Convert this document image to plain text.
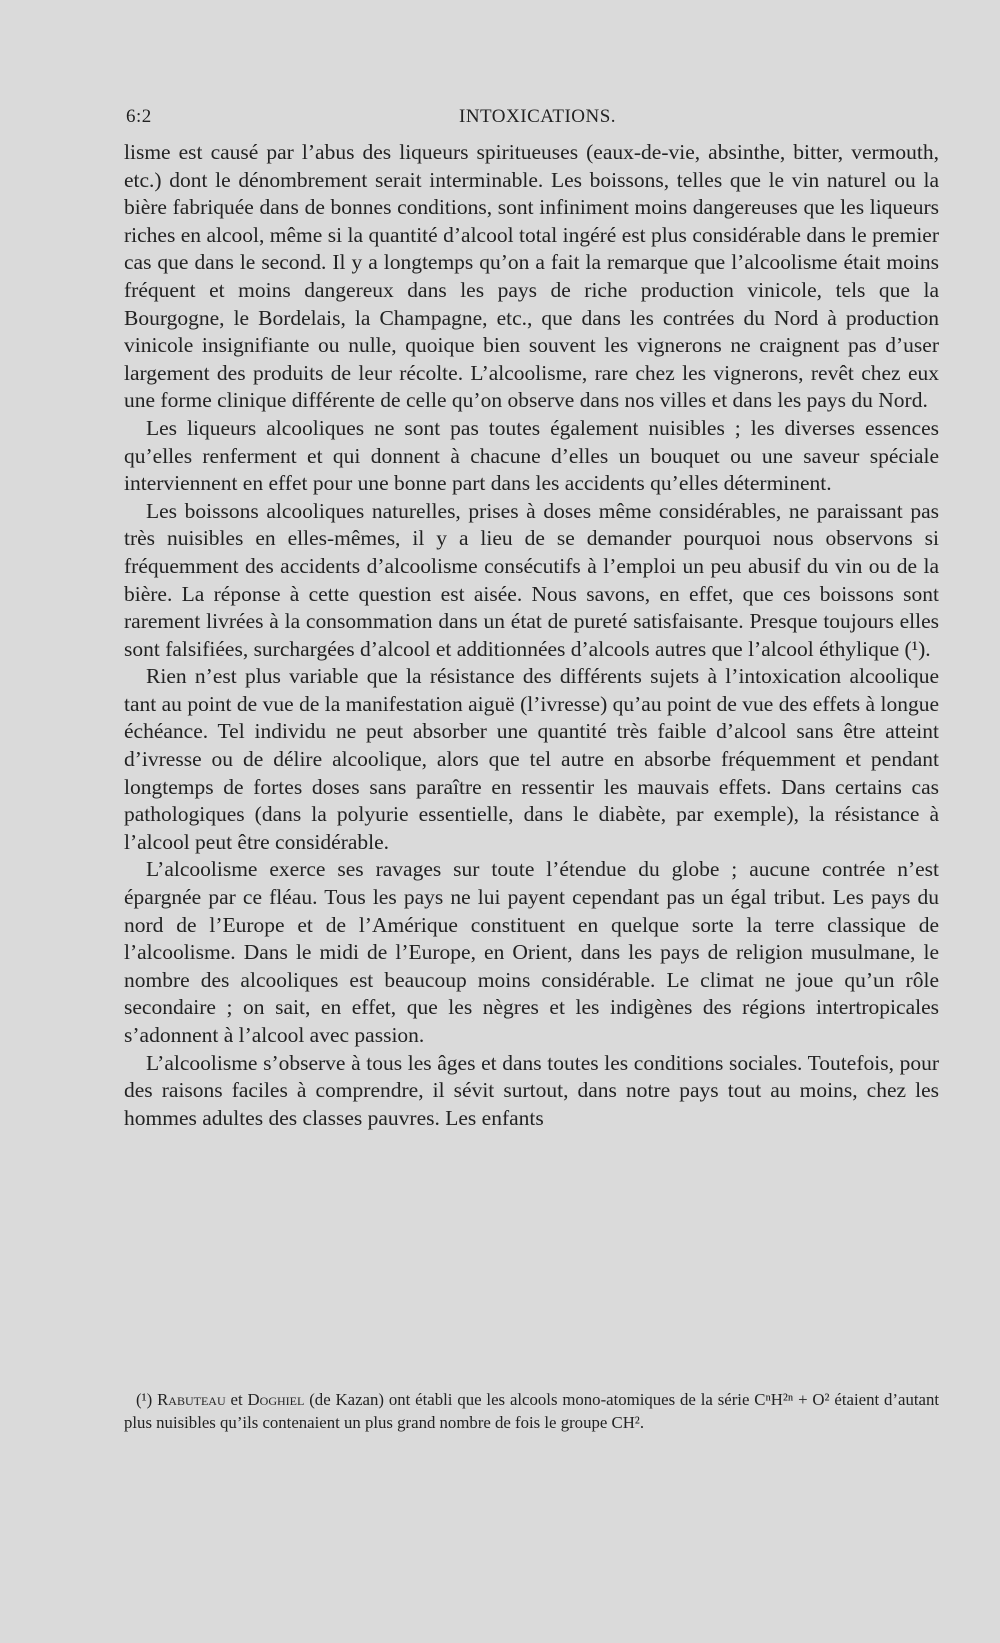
6:2	INTOXICATIONS.

lisme est causé par l’abus des liqueurs spiritueuses (eaux-de-vie, absinthe, bitter, vermouth, etc.) dont le dénombrement serait interminable. Les boissons, telles que le vin naturel ou la bière fabriquée dans de bonnes conditions, sont infiniment moins dangereuses que les liqueurs riches en alcool, même si la quantité d’alcool total ingéré est plus considérable dans le premier cas que dans le second. Il y a longtemps qu’on a fait la remarque que l’alcoolisme était moins fréquent et moins dangereux dans les pays de riche production vinicole, tels que la Bourgogne, le Bordelais, la Champagne, etc., que dans les contrées du Nord à production vinicole insignifiante ou nulle, quoique bien souvent les vignerons ne craignent pas d’user largement des produits de leur récolte. L’alcoolisme, rare chez les vignerons, revêt chez eux une forme clinique différente de celle qu’on observe dans nos villes et dans les pays du Nord.

Les liqueurs alcooliques ne sont pas toutes également nuisibles ; les diverses essences qu’elles renferment et qui donnent à chacune d’elles un bouquet ou une saveur spéciale interviennent en effet pour une bonne part dans les accidents qu’elles déterminent.

Les boissons alcooliques naturelles, prises à doses même considérables, ne paraissant pas très nuisibles en elles-mêmes, il y a lieu de se demander pourquoi nous observons si fréquemment des accidents d’alcoolisme consécutifs à l’emploi un peu abusif du vin ou de la bière. La réponse à cette question est aisée. Nous savons, en effet, que ces boissons sont rarement livrées à la consommation dans un état de pureté satisfaisante. Presque toujours elles sont falsifiées, surchargées d’alcool et additionnées d’alcools autres que l’alcool éthylique (¹).

Rien n’est plus variable que la résistance des différents sujets à l’intoxication alcoolique tant au point de vue de la manifestation aiguë (l’ivresse) qu’au point de vue des effets à longue échéance. Tel individu ne peut absorber une quantité très faible d’alcool sans être atteint d’ivresse ou de délire alcoolique, alors que tel autre en absorbe fréquemment et pendant longtemps de fortes doses sans paraître en ressentir les mauvais effets. Dans certains cas pathologiques (dans la polyurie essentielle, dans le diabète, par exemple), la résistance à l’alcool peut être considérable.

L’alcoolisme exerce ses ravages sur toute l’étendue du globe ; aucune contrée n’est épargnée par ce fléau. Tous les pays ne lui payent cependant pas un égal tribut. Les pays du nord de l’Europe et de l’Amérique constituent en quelque sorte la terre classique de l’alcoolisme. Dans le midi de l’Europe, en Orient, dans les pays de religion musulmane, le nombre des alcooliques est beaucoup moins considérable. Le climat ne joue qu’un rôle secondaire ; on sait, en effet, que les nègres et les indigènes des régions intertropicales s’adonnent à l’alcool avec passion.

L’alcoolisme s’observe à tous les âges et dans toutes les conditions sociales. Toutefois, pour des raisons faciles à comprendre, il sévit surtout, dans notre pays tout au moins, chez les hommes adultes des classes pauvres. Les enfants

(¹) Rabuteau et Doghiel (de Kazan) ont établi que les alcools mono-atomiques de la série CⁿH²ⁿ + O² étaient d’autant plus nuisibles qu’ils contenaient un plus grand nombre de fois le groupe CH².
